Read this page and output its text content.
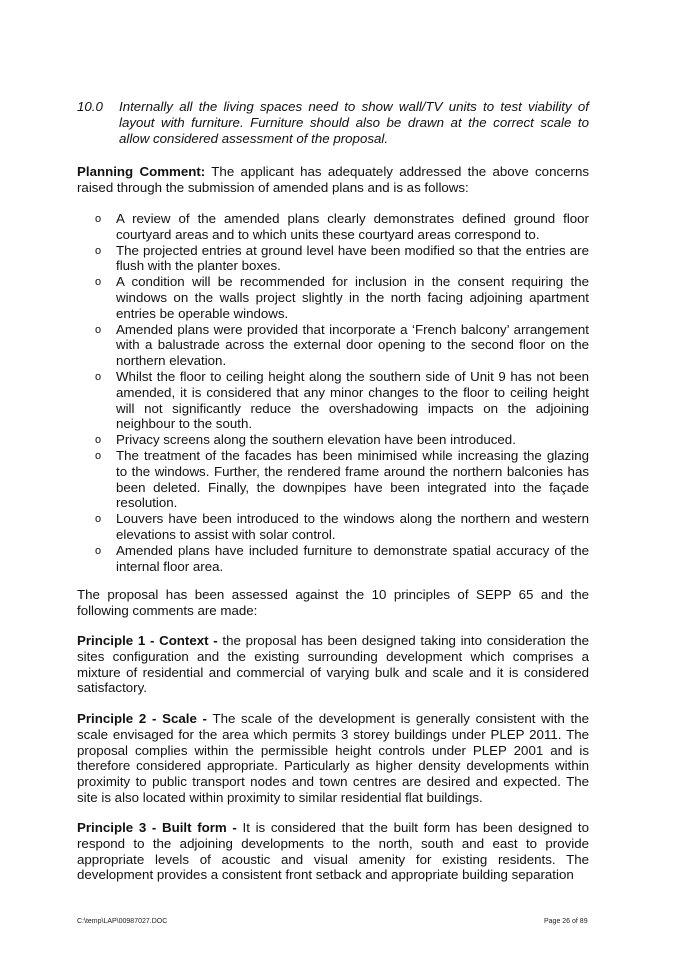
10.0 Internally all the living spaces need to show wall/TV units to test viability of layout with furniture. Furniture should also be drawn at the correct scale to allow considered assessment of the proposal.
Planning Comment: The applicant has adequately addressed the above concerns raised through the submission of amended plans and is as follows:
o A review of the amended plans clearly demonstrates defined ground floor courtyard areas and to which units these courtyard areas correspond to.
o The projected entries at ground level have been modified so that the entries are flush with the planter boxes.
o A condition will be recommended for inclusion in the consent requiring the windows on the walls project slightly in the north facing adjoining apartment entries be operable windows.
o Amended plans were provided that incorporate a ‘French balcony’ arrangement with a balustrade across the external door opening to the second floor on the northern elevation.
o Whilst the floor to ceiling height along the southern side of Unit 9 has not been amended, it is considered that any minor changes to the floor to ceiling height will not significantly reduce the overshadowing impacts on the adjoining neighbour to the south.
o Privacy screens along the southern elevation have been introduced.
o The treatment of the facades has been minimised while increasing the glazing to the windows. Further, the rendered frame around the northern balconies has been deleted. Finally, the downpipes have been integrated into the façade resolution.
o Louvers have been introduced to the windows along the northern and western elevations to assist with solar control.
o Amended plans have included furniture to demonstrate spatial accuracy of the internal floor area.
The proposal has been assessed against the 10 principles of SEPP 65 and the following comments are made:
Principle 1 - Context - the proposal has been designed taking into consideration the sites configuration and the existing surrounding development which comprises a mixture of residential and commercial of varying bulk and scale and it is considered satisfactory.
Principle 2 - Scale - The scale of the development is generally consistent with the scale envisaged for the area which permits 3 storey buildings under PLEP 2011. The proposal complies within the permissible height controls under PLEP 2001 and is therefore considered appropriate. Particularly as higher density developments within proximity to public transport nodes and town centres are desired and expected. The site is also located within proximity to similar residential flat buildings.
Principle 3 - Built form - It is considered that the built form has been designed to respond to the adjoining developments to the north, south and east to provide appropriate levels of acoustic and visual amenity for existing residents. The development provides a consistent front setback and appropriate building separation
C:\temp\LAP\00987027.DOC	Page 26 of 89
